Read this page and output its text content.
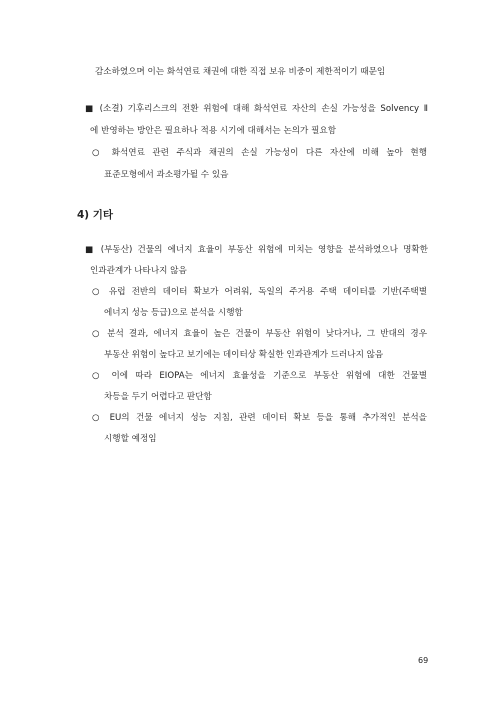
감소하였으며 이는 화석연료 채권에 대한 직접 보유 비중이 제한적이기 때문임
■ (소결) 기후리스크의 전환 위험에 대해 화석연료 자산의 손실 가능성을 Solvency Ⅱ
에 반영하는 방안은 필요하나 적용 시기에 대해서는 논의가 필요함
○ 화석연료 관련 주식과 채권의 손실 가능성이 다른 자산에 비해 높아 현행
표준모형에서 과소평가될 수 있음
4) 기타
■ (부동산) 건물의 에너지 효율이 부동산 위험에 미치는 영향을 분석하였으나 명확한
인과관계가 나타나지 않음
○ 유럽 전반의 데이터 확보가 어려워, 독일의 주거용 주택 데이터를 기반(주택별
에너지 성능 등급)으로 분석을 시행함
○ 분석 결과, 에너지 효율이 높은 건물이 부동산 위험이 낮다거나, 그 반대의 경우
부동산 위험이 높다고 보기에는 데이터상 확실한 인과관계가 드러나지 않음
○ 이에 따라 EIOPA는 에너지 효율성을 기준으로 부동산 위험에 대한 건물별
차등을 두기 어렵다고 판단함
○ EU의 건물 에너지 성능 지침, 관련 데이터 확보 등을 통해 추가적인 분석을
시행할 예정임
69
